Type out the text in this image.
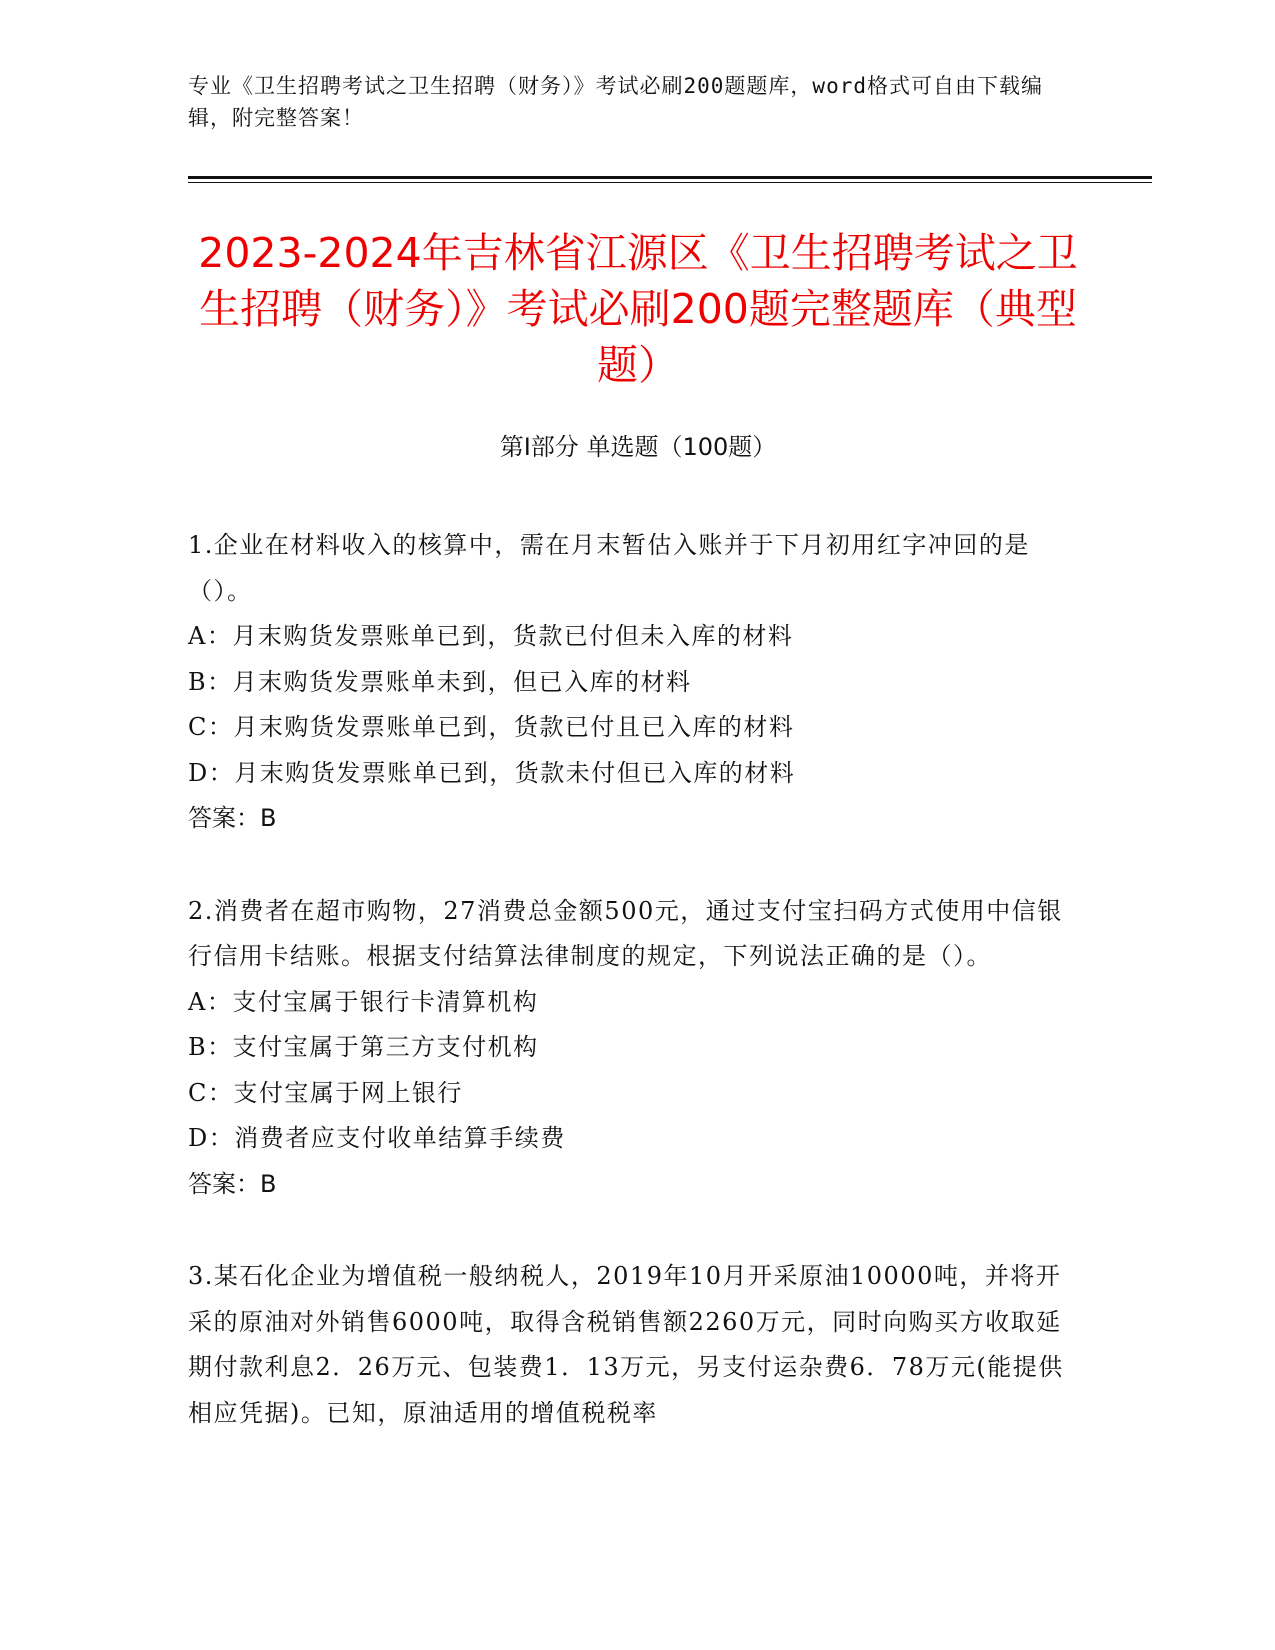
专业《卫生招聘考试之卫生招聘（财务）》考试必刷200题题库，word格式可自由下载编辑，附完整答案！
2023-2024年吉林省江源区《卫生招聘考试之卫生招聘（财务）》考试必刷200题完整题库（典型题）
第Ⅰ部分 单选题（100题）
1.企业在材料收入的核算中，需在月末暂估入账并于下月初用红字冲回的是（）。
A：月末购货发票账单已到，货款已付但未入库的材料
B：月末购货发票账单未到，但已入库的材料
C：月末购货发票账单已到，货款已付且已入库的材料
D：月末购货发票账单已到，货款未付但已入库的材料
答案：B
2.消费者在超市购物，27消费总金额500元，通过支付宝扫码方式使用中信银行信用卡结账。根据支付结算法律制度的规定，下列说法正确的是（）。
A：支付宝属于银行卡清算机构
B：支付宝属于第三方支付机构
C：支付宝属于网上银行
D：消费者应支付收单结算手续费
答案：B
3.某石化企业为增值税一般纳税人，2019年10月开采原油10000吨，并将开采的原油对外销售6000吨，取得含税销售额2260万元，同时向购买方收取延期付款利息2．26万元、包装费1．13万元，另支付运杂费6．78万元(能提供相应凭据)。已知，原油适用的增值税税率
